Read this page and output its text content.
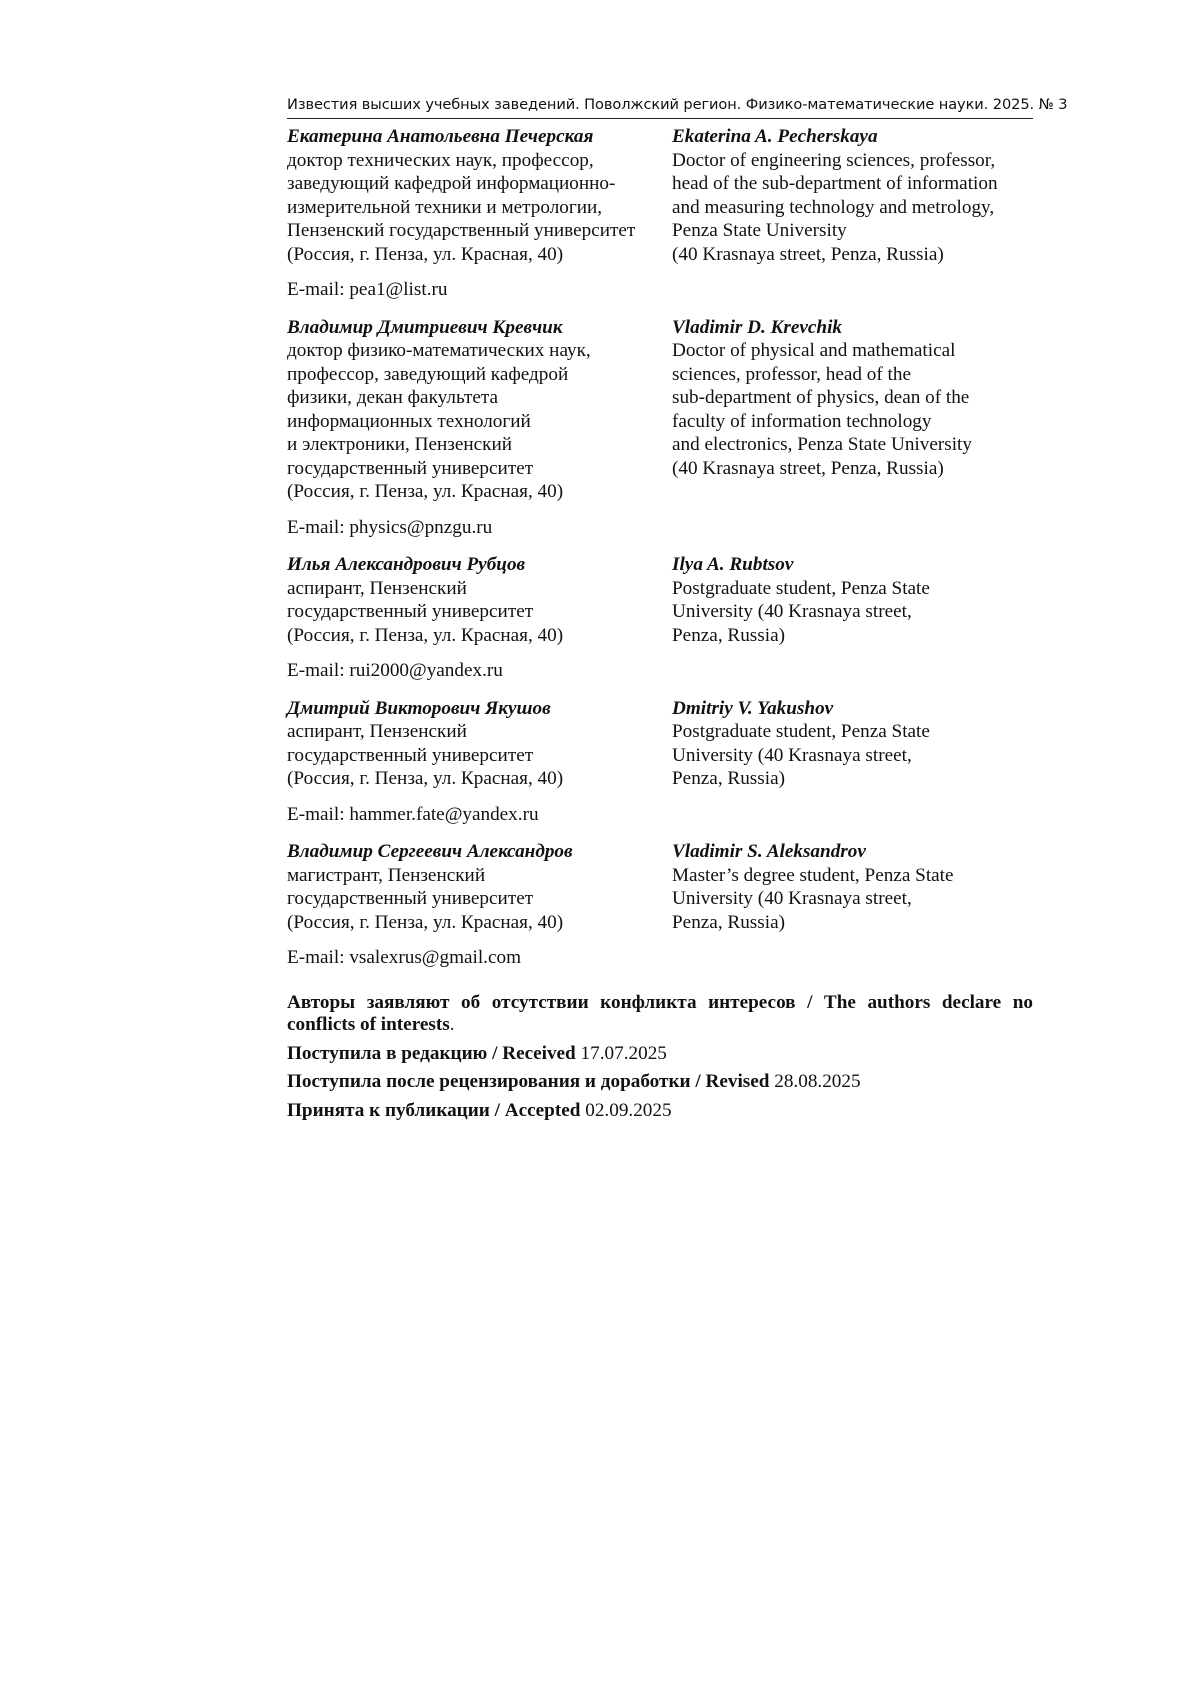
Известия высших учебных заведений. Поволжский регион. Физико-математические науки. 2025. № 3
Екатерина Анатольевна Печерская
доктор технических наук, профессор,
заведующий кафедрой информационно-
измерительной техники и метрологии,
Пензенский государственный университет
(Россия, г. Пенза, ул. Красная, 40)
E-mail: pea1@list.ru
Ekaterina A. Pecherskaya
Doctor of engineering sciences, professor,
head of the sub-department of information
and measuring technology and metrology,
Penza State University
(40 Krasnaya street, Penza, Russia)
Владимир Дмитриевич Кревчик
доктор физико-математических наук,
профессор, заведующий кафедрой
физики, декан факультета
информационных технологий
и электроники, Пензенский
государственный университет
(Россия, г. Пенза, ул. Красная, 40)
E-mail: physics@pnzgu.ru
Vladimir D. Krevchik
Doctor of physical and mathematical
sciences, professor, head of the
sub-department of physics, dean of the
faculty of information technology
and electronics, Penza State University
(40 Krasnaya street, Penza, Russia)
Илья Александрович Рубцов
аспирант, Пензенский
государственный университет
(Россия, г. Пенза, ул. Красная, 40)
E-mail: rui2000@yandex.ru
Ilya A. Rubtsov
Postgraduate student, Penza State
University (40 Krasnaya street,
Penza, Russia)
Дмитрий Викторович Якушов
аспирант, Пензенский
государственный университет
(Россия, г. Пенза, ул. Красная, 40)
E-mail: hammer.fate@yandex.ru
Dmitriy V. Yakushov
Postgraduate student, Penza State
University (40 Krasnaya street,
Penza, Russia)
Владимир Сергеевич Александров
магистрант, Пензенский
государственный университет
(Россия, г. Пенза, ул. Красная, 40)
E-mail: vsalexrus@gmail.com
Vladimir S. Aleksandrov
Master’s degree student, Penza State
University (40 Krasnaya street,
Penza, Russia)
Авторы заявляют об отсутствии конфликта интересов / The authors declare no conflicts of interests.
Поступила в редакцию / Received 17.07.2025
Поступила после рецензирования и доработки / Revised 28.08.2025
Принята к публикации / Accepted 02.09.2025
